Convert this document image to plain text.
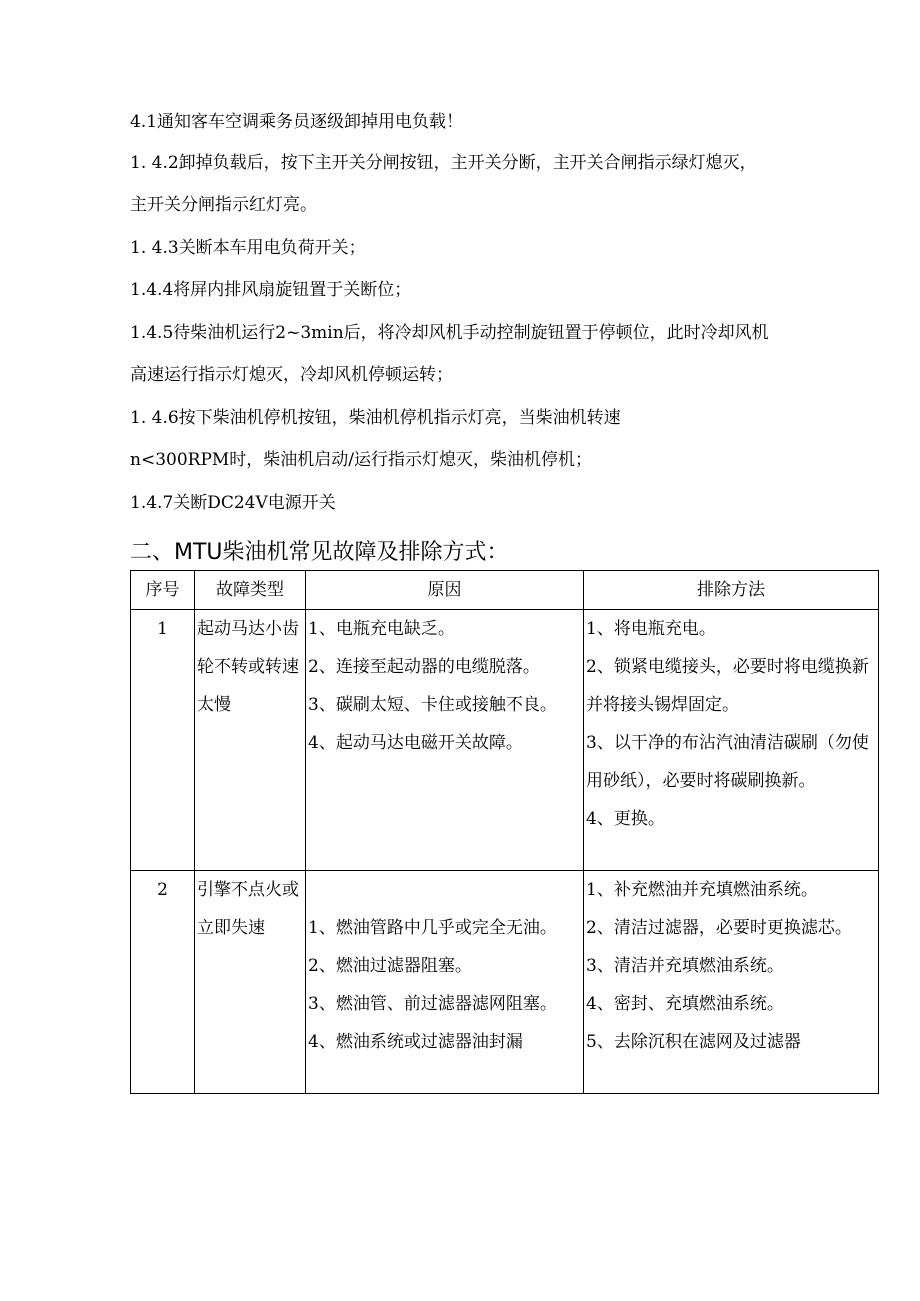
4.1通知客车空调乘务员逐级卸掉用电负载！
1. 4.2卸掉负载后，按下主开关分闸按钮，主开关分断，主开关合闸指示绿灯熄灭，
主开关分闸指示红灯亮。
1. 4.3关断本车用电负荷开关；
1.4.4将屏内排风扇旋钮置于关断位；
1.4.5待柴油机运行2~3min后，将冷却风机手动控制旋钮置于停顿位，此时冷却风机
高速运行指示灯熄灭，冷却风机停顿运转；
1. 4.6按下柴油机停机按钮，柴油机停机指示灯亮，当柴油机转速
n<300RPM时，柴油机启动/运行指示灯熄灭，柴油机停机；
1.4.7关断DC24V电源开关
二、MTU柴油机常见故障及排除方式：
序号	故障类型	原因	排除方法
1	起动马达小齿轮不转或转速太慢	1、电瓶充电缺乏。
2、连接至起动器的电缆脱落。
3、碳刷太短、卡住或接触不良。
4、起动马达电磁开关故障。	1、将电瓶充电。
2、锁紧电缆接头，必要时将电缆换新并将接头锡焊固定。
3、以干净的布沾汽油清洁碳刷（勿使用砂纸），必要时将碳刷换新。
4、更换。

2	引擎不点火或立即失速	1、燃油管路中几乎或完全无油。
2、燃油过滤器阻塞。
3、燃油管、前过滤器滤网阻塞。
4、燃油系统或过滤器油封漏	1、补充燃油并充填燃油系统。
2、清洁过滤器，必要时更换滤芯。
3、清洁并充填燃油系统。
4、密封、充填燃油系统。
5、去除沉积在滤网及过滤器
